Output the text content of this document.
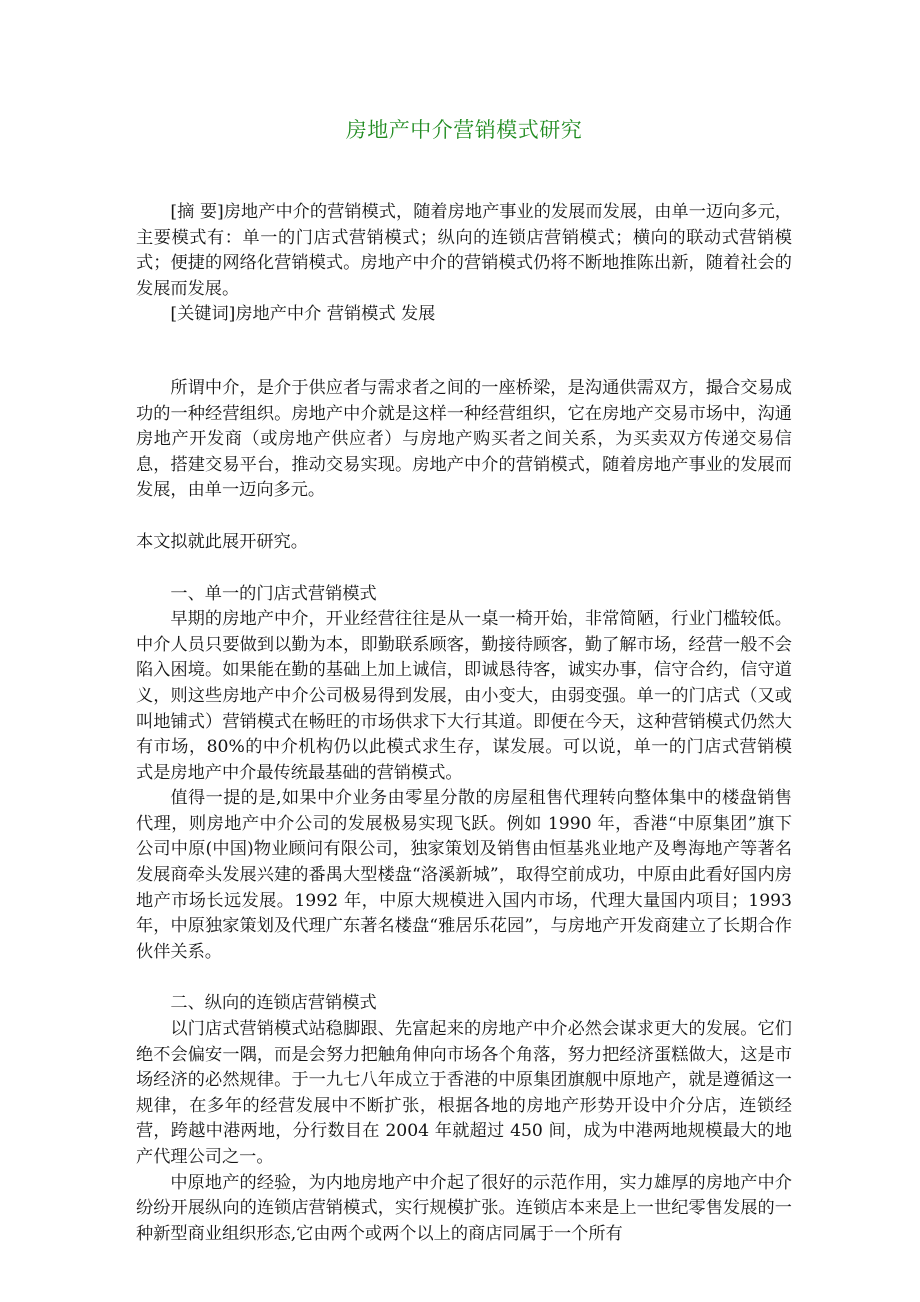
房地产中介营销模式研究

[摘 要]房地产中介的营销模式，随着房地产事业的发展而发展，由单一迈向多元，主要模式有：单一的门店式营销模式；纵向的连锁店营销模式；横向的联动式营销模式；便捷的网络化营销模式。房地产中介的营销模式仍将不断地推陈出新，随着社会的发展而发展。

[关键词]房地产中介 营销模式 发展

所谓中介，是介于供应者与需求者之间的一座桥梁，是沟通供需双方，撮合交易成功的一种经营组织。房地产中介就是这样一种经营组织，它在房地产交易市场中，沟通房地产开发商（或房地产供应者）与房地产购买者之间关系，为买卖双方传递交易信息，搭建交易平台，推动交易实现。房地产中介的营销模式，随着房地产事业的发展而发展，由单一迈向多元。

本文拟就此展开研究。

一、单一的门店式营销模式

早期的房地产中介，开业经营往往是从一桌一椅开始，非常简陋，行业门槛较低。中介人员只要做到以勤为本，即勤联系顾客，勤接待顾客，勤了解市场，经营一般不会陷入困境。如果能在勤的基础上加上诚信，即诚恳待客，诚实办事，信守合约，信守道义，则这些房地产中介公司极易得到发展，由小变大，由弱变强。单一的门店式（又或叫地铺式）营销模式在畅旺的市场供求下大行其道。即便在今天，这种营销模式仍然大有市场，80%的中介机构仍以此模式求生存，谋发展。可以说，单一的门店式营销模式是房地产中介最传统最基础的营销模式。

值得一提的是,如果中介业务由零星分散的房屋租售代理转向整体集中的楼盘销售代理，则房地产中介公司的发展极易实现飞跃。例如 1990 年，香港“中原集团”旗下公司中原(中国)物业顾问有限公司，独家策划及销售由恒基兆业地产及粤海地产等著名发展商牵头发展兴建的番禺大型楼盘“洛溪新城”，取得空前成功，中原由此看好国内房地产市场长远发展。1992 年，中原大规模进入国内市场，代理大量国内项目；1993 年，中原独家策划及代理广东著名楼盘“雅居乐花园”，与房地产开发商建立了长期合作伙伴关系。

二、纵向的连锁店营销模式

以门店式营销模式站稳脚跟、先富起来的房地产中介必然会谋求更大的发展。它们绝不会偏安一隅，而是会努力把触角伸向市场各个角落，努力把经济蛋糕做大，这是市场经济的必然规律。于一九七八年成立于香港的中原集团旗舰中原地产，就是遵循这一规律，在多年的经营发展中不断扩张，根据各地的房地产形势开设中介分店，连锁经营，跨越中港两地，分行数目在 2004 年就超过 450 间，成为中港两地规模最大的地产代理公司之一。

中原地产的经验，为内地房地产中介起了很好的示范作用，实力雄厚的房地产中介纷纷开展纵向的连锁店营销模式，实行规模扩张。连锁店本来是上一世纪零售发展的一种新型商业组织形态,它由两个或两个以上的商店同属于一个所有
